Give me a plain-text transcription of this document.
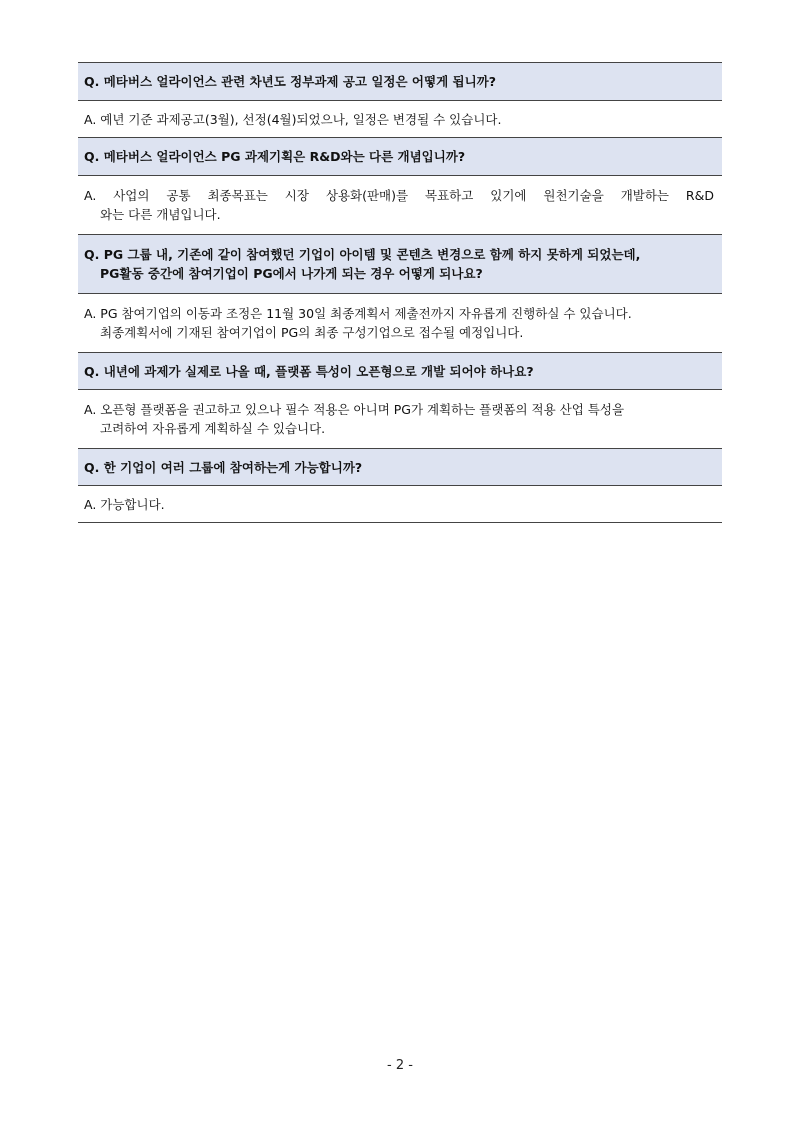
Q. 메타버스 얼라이언스 관련 차년도 정부과제 공고 일정은 어떻게 됩니까?
A. 예년 기준 과제공고(3월), 선정(4월)되었으나, 일정은 변경될 수 있습니다.
Q. 메타버스 얼라이언스 PG 과제기획은 R&D와는 다른 개념입니까?
A. 사업의 공통 최종목표는 시장 상용화(판매)를 목표하고 있기에 원천기술을 개발하는 R&D
와는 다른 개념입니다.
Q. PG 그룹 내, 기존에 같이 참여했던 기업이 아이템 및 콘텐츠 변경으로 함께 하지 못하게 되었는데,
PG활동 중간에 참여기업이 PG에서 나가게 되는 경우 어떻게 되나요?
A. PG 참여기업의 이동과 조정은 11월 30일 최종계획서 제출전까지 자유롭게 진행하실 수 있습니다.
최종계획서에 기재된 참여기업이 PG의 최종 구성기업으로 접수될 예정입니다.
Q. 내년에 과제가 실제로 나올 때, 플랫폼 특성이 오픈형으로 개발 되어야 하나요?
A. 오픈형 플랫폼을 권고하고 있으나 필수 적용은 아니며 PG가 계획하는 플랫폼의 적용 산업 특성을
고려하여 자유롭게 계획하실 수 있습니다.
Q. 한 기업이 여러 그룹에 참여하는게 가능합니까?
A. 가능합니다.
- 2 -
